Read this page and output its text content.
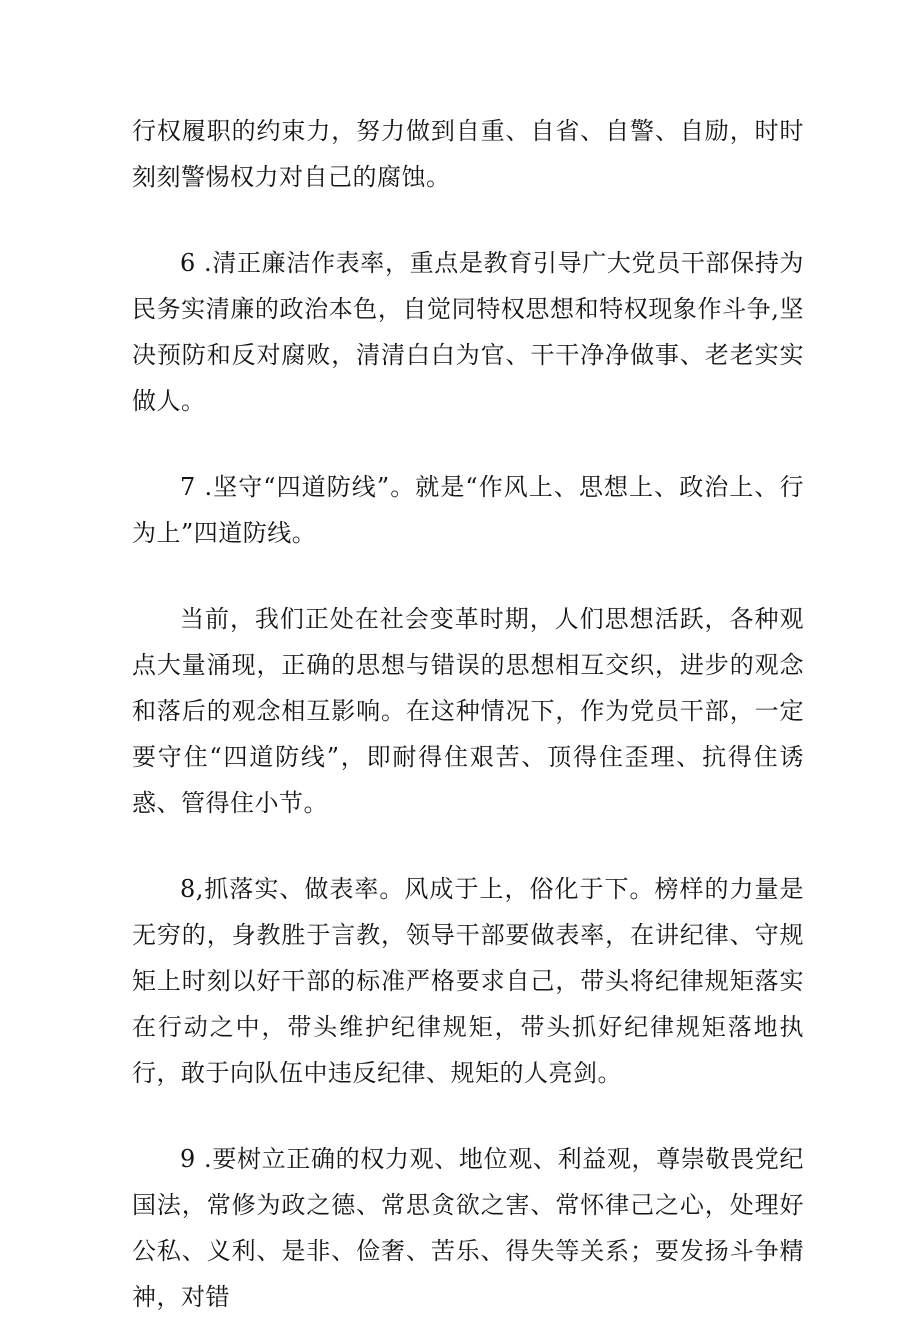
行权履职的约束力，努力做到自重、自省、自警、自励，时时刻刻警惕权力对自己的腐蚀。

6 .清正廉洁作表率，重点是教育引导广大党员干部保持为民务实清廉的政治本色，自觉同特权思想和特权现象作斗争,坚决预防和反对腐败，清清白白为官、干干净净做事、老老实实做人。

7 .坚守“四道防线”。就是“作风上、思想上、政治上、行为上”四道防线。

当前，我们正处在社会变革时期，人们思想活跃，各种观点大量涌现，正确的思想与错误的思想相互交织，进步的观念和落后的观念相互影响。在这种情况下，作为党员干部，一定要守住“四道防线”，即耐得住艰苦、顶得住歪理、抗得住诱惑、管得住小节。

8,抓落实、做表率。风成于上，俗化于下。榜样的力量是无穷的，身教胜于言教，领导干部要做表率，在讲纪律、守规矩上时刻以好干部的标准严格要求自己，带头将纪律规矩落实在行动之中，带头维护纪律规矩，带头抓好纪律规矩落地执行，敢于向队伍中违反纪律、规矩的人亮剑。

9 .要树立正确的权力观、地位观、利益观，尊崇敬畏党纪国法，常修为政之德、常思贪欲之害、常怀律己之心，处理好公私、义利、是非、俭奢、苦乐、得失等关系；要发扬斗争精神，对错
